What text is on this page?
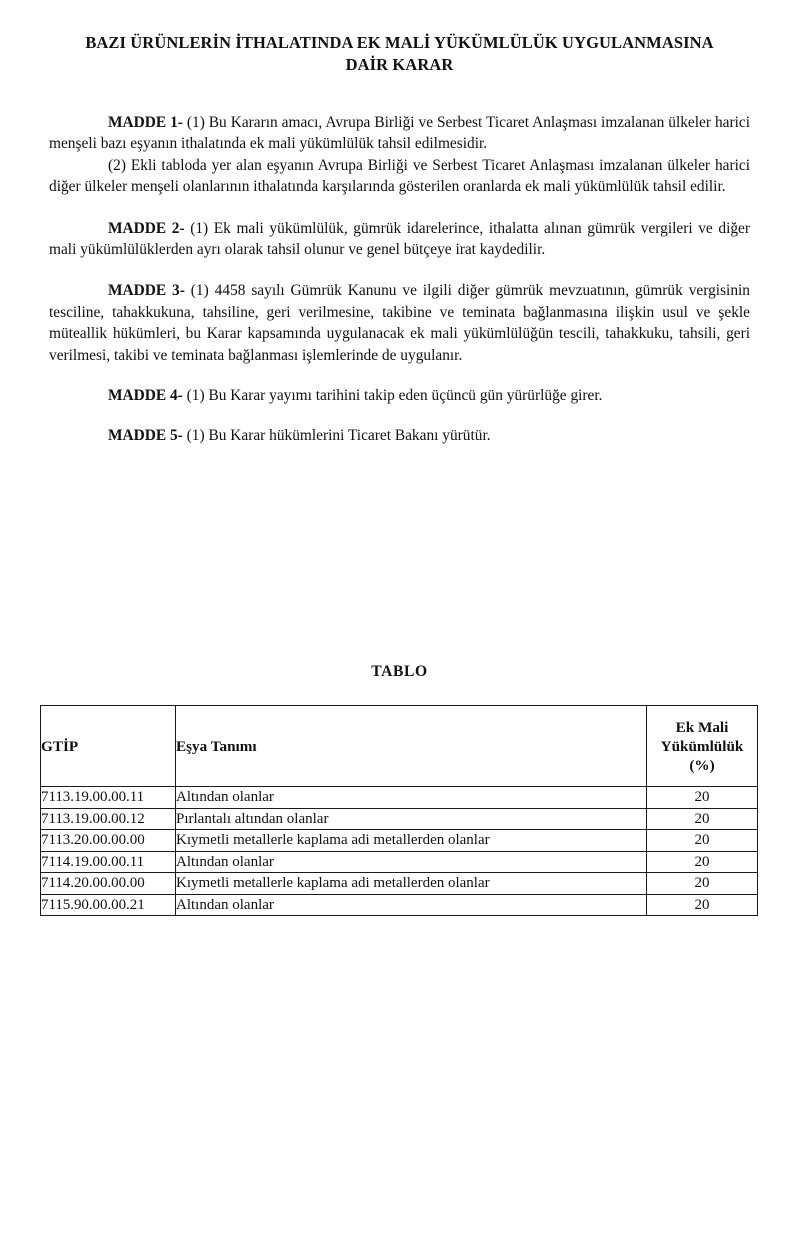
BAZI ÜRÜNLERİN İTHALATINDA EK MALİ YÜKÜMLÜLÜK UYGULANMASINA
DAİR KARAR

MADDE 1- (1) Bu Kararın amacı, Avrupa Birliği ve Serbest Ticaret Anlaşması imzalanan ülkeler harici menşeli bazı eşyanın ithalatında ek mali yükümlülük tahsil edilmesidir.

(2) Ekli tabloda yer alan eşyanın Avrupa Birliği ve Serbest Ticaret Anlaşması imzalanan ülkeler harici diğer ülkeler menşeli olanlarının ithalatında karşılarında gösterilen oranlarda ek mali yükümlülük tahsil edilir.

MADDE 2- (1) Ek mali yükümlülük, gümrük idarelerince, ithalatta alınan gümrük vergileri ve diğer mali yükümlülüklerden ayrı olarak tahsil olunur ve genel bütçeye irat kaydedilir.

MADDE 3- (1) 4458 sayılı Gümrük Kanunu ve ilgili diğer gümrük mevzuatının, gümrük vergisinin tesciline, tahakkukuna, tahsiline, geri verilmesine, takibine ve teminata bağlanmasına ilişkin usul ve şekle müteallik hükümleri, bu Karar kapsamında uygulanacak ek mali yükümlülüğün tescili, tahakkuku, tahsili, geri verilmesi, takibi ve teminata bağlanması işlemlerinde de uygulanır.

MADDE 4- (1) Bu Karar yayımı tarihini takip eden üçüncü gün yürürlüğe girer.

MADDE 5- (1) Bu Karar hükümlerini Ticaret Bakanı yürütür.

TABLO
GTİP	Eşya Tanımı	Ek Mali
Yükümlülük
(%)

7113.19.00.00.11	Altından olanlar	20
7113.19.00.00.12	Pırlantalı altından olanlar	20
7113.20.00.00.00	Kıymetli metallerle kaplama adi metallerden olanlar	20
7114.19.00.00.11	Altından olanlar	20
7114.20.00.00.00	Kıymetli metallerle kaplama adi metallerden olanlar	20
7115.90.00.00.21	Altından olanlar	20
